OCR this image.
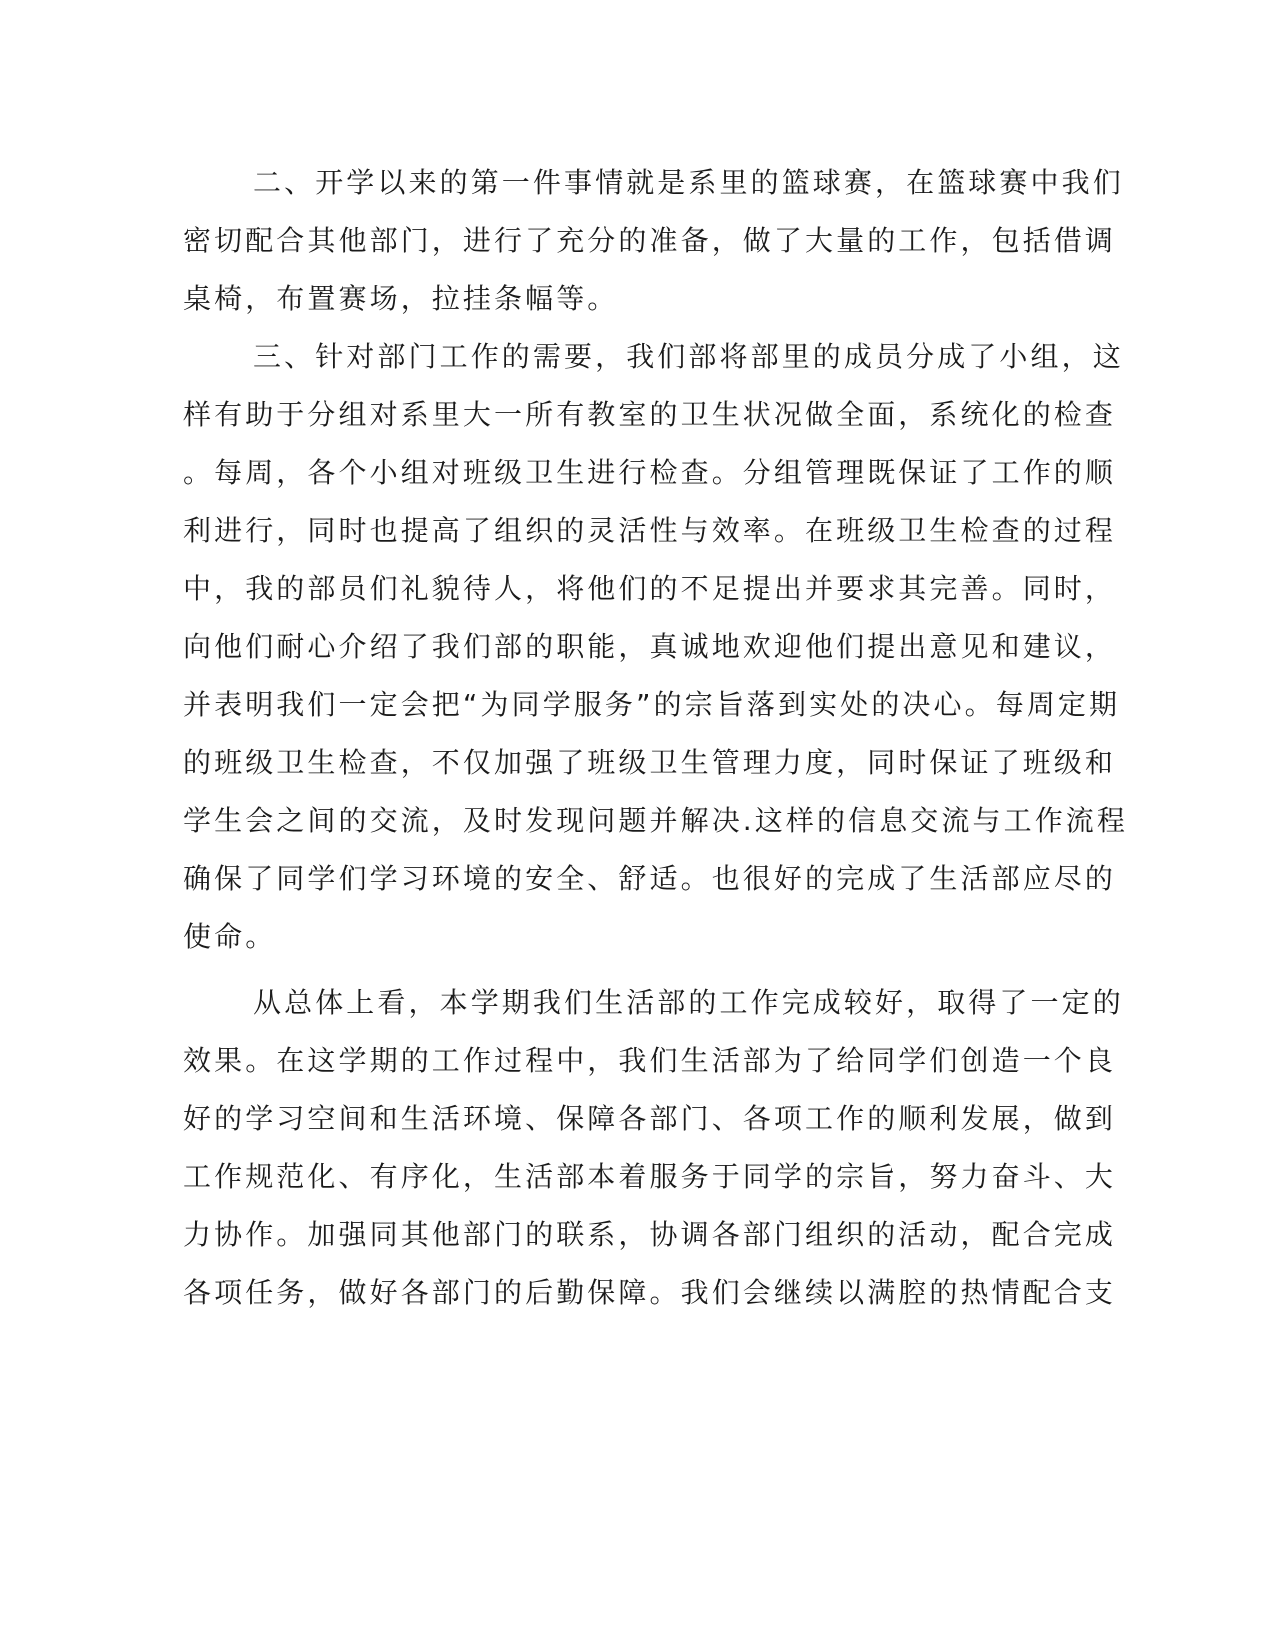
二、开学以来的第一件事情就是系里的篮球赛，在篮球赛中我们

密切配合其他部门，进行了充分的准备，做了大量的工作，包括借调

桌椅，布置赛场，拉挂条幅等。

三、针对部门工作的需要，我们部将部里的成员分成了小组，这

样有助于分组对系里大一所有教室的卫生状况做全面，系统化的检查

。每周，各个小组对班级卫生进行检查。分组管理既保证了工作的顺

利进行，同时也提高了组织的灵活性与效率。在班级卫生检查的过程

中，我的部员们礼貌待人，将他们的不足提出并要求其完善。同时，

向他们耐心介绍了我们部的职能，真诚地欢迎他们提出意见和建议，

并表明我们一定会把“为同学服务”的宗旨落到实处的决心。每周定期

的班级卫生检查，不仅加强了班级卫生管理力度，同时保证了班级和

学生会之间的交流，及时发现问题并解决.这样的信息交流与工作流程

确保了同学们学习环境的安全、舒适。也很好的完成了生活部应尽的

使命。

从总体上看，本学期我们生活部的工作完成较好，取得了一定的

效果。在这学期的工作过程中，我们生活部为了给同学们创造一个良

好的学习空间和生活环境、保障各部门、各项工作的顺利发展，做到

工作规范化、有序化，生活部本着服务于同学的宗旨，努力奋斗、大

力协作。加强同其他部门的联系，协调各部门组织的活动，配合完成

各项任务，做好各部门的后勤保障。我们会继续以满腔的热情配合支
